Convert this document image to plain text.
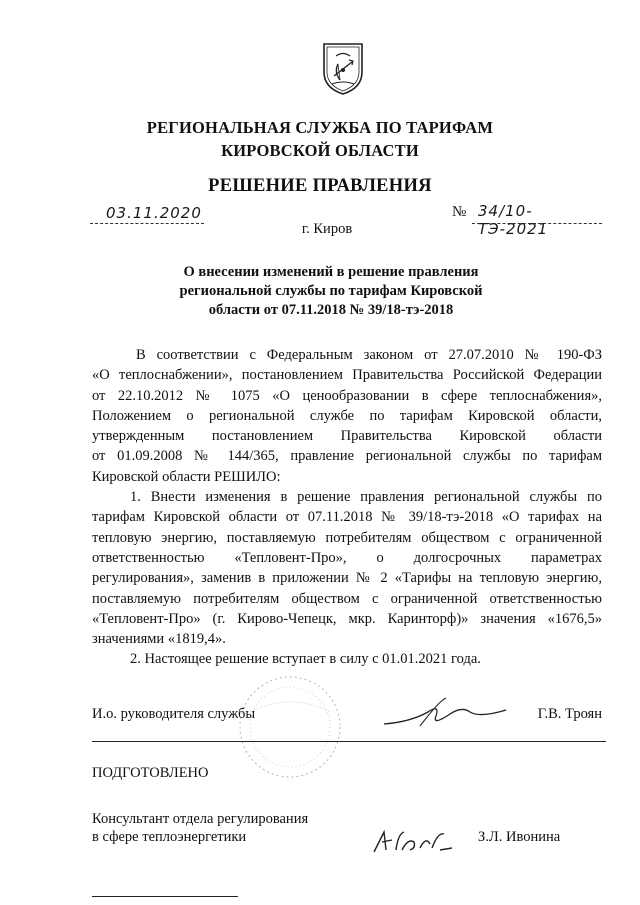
РЕГИОНАЛЬНАЯ СЛУЖБА ПО ТАРИФАМ
КИРОВСКОЙ ОБЛАСТИ
РЕШЕНИЕ ПРАВЛЕНИЯ
03.11.2020	№ 34/10-ТЭ-2021
г. Киров
О внесении изменений в решение правления
региональной службы по тарифам Кировской
области от 07.11.2018 № 39/18-тэ-2018

В соответствии с Федеральным законом от 27.07.2010 № 190-ФЗ

«О теплоснабжении», постановлением Правительства Российской Федерации

от 22.10.2012 № 1075 «О ценообразовании в сфере теплоснабжения»,

Положением о региональной службе по тарифам Кировской области,

утвержденным постановлением Правительства Кировской области

от 01.09.2008 № 144/365, правление региональной службы по тарифам

Кировской области РЕШИЛО:

1. Внести изменения в решение правления региональной службы по

тарифам Кировской области от 07.11.2018 № 39/18-тэ-2018 «О тарифах на

тепловую энергию, поставляемую потребителям обществом с ограниченной

ответственностью «Тепловент-Про», о долгосрочных параметрах

регулирования», заменив в приложении № 2 «Тарифы на тепловую энергию,

поставляемую потребителям обществом с ограниченной ответственностью

«Тепловент-Про» (г. Кирово-Чепецк, мкр. Каринторф)» значения «1676,5»

значениями «1819,4».

2. Настоящее решение вступает в силу с 01.01.2021 года.

И.о. руководителя службы	Г.В. Троян
ПОДГОТОВЛЕНО
Консультант отдела регулирования
в сфере теплоэнергетики	З.Л. Ивонина
